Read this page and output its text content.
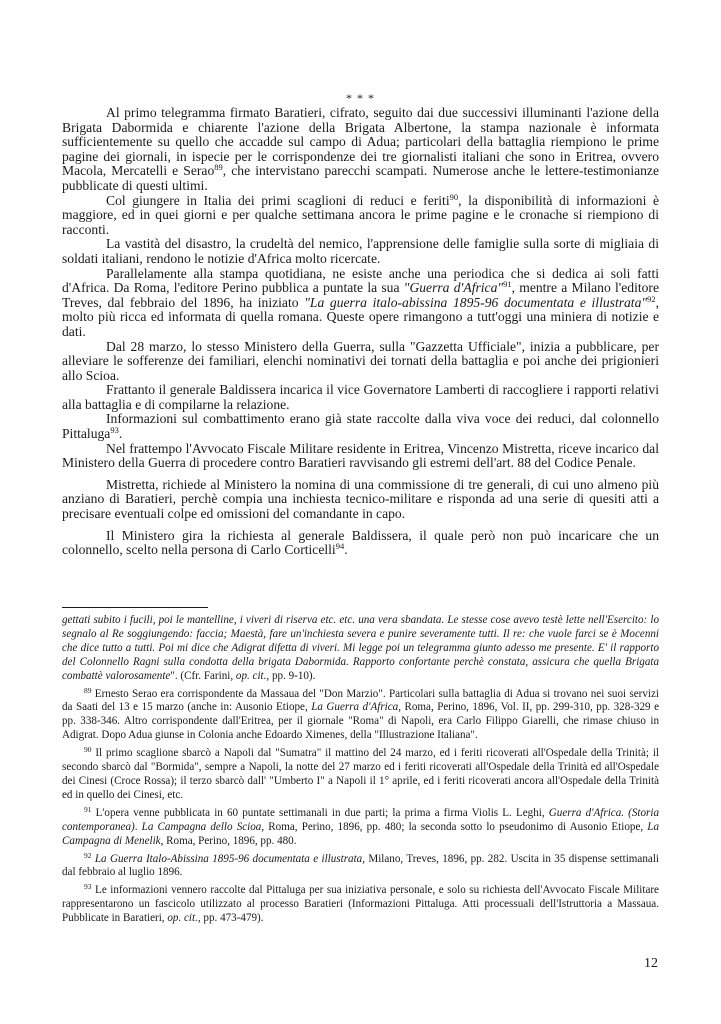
* * *

Al primo telegramma firmato Baratieri, cifrato, seguito dai due successivi illuminanti l'azione della Brigata Dabormida e chiarente l'azione della Brigata Albertone, la stampa nazionale è informata sufficientemente su quello che accadde sul campo di Adua; particolari della battaglia riempiono le prime pagine dei giornali, in ispecie per le corrispondenze dei tre giornalisti italiani che sono in Eritrea, ovvero Macola, Mercatelli e Serao$^{89}$, che intervistano parecchi scampati. Numerose anche le lettere-testimonianze pubblicate di questi ultimi.

Col giungere in Italia dei primi scaglioni di reduci e feriti$^{90}$, la disponibilità di informazioni è maggiore, ed in quei giorni e per qualche settimana ancora le prime pagine e le cronache si riempiono di racconti.

La vastità del disastro, la crudeltà del nemico, l'apprensione delle famiglie sulla sorte di migliaia di soldati italiani, rendono le notizie d'Africa molto ricercate.

Parallelamente alla stampa quotidiana, ne esiste anche una periodica che si dedica ai soli fatti d'Africa. Da Roma, l'editore Perino pubblica a puntate la sua "Guerra d'Africa"$^{91}$, mentre a Milano l'editore Treves, dal febbraio del 1896, ha iniziato "La guerra italo-abissina 1895-96 documentata e illustrata"$^{92}$, molto più ricca ed informata di quella romana. Queste opere rimangono a tutt'oggi una miniera di notizie e dati.

Dal 28 marzo, lo stesso Ministero della Guerra, sulla "Gazzetta Ufficiale", inizia a pubblicare, per alleviare le sofferenze dei familiari, elenchi nominativi dei tornati della battaglia e poi anche dei prigionieri allo Scioa.

Frattanto il generale Baldissera incarica il vice Governatore Lamberti di raccogliere i rapporti relativi alla battaglia e di compilarne la relazione.

Informazioni sul combattimento erano già state raccolte dalla viva voce dei reduci, dal colonnello Pittaluga$^{93}$.

Nel frattempo l'Avvocato Fiscale Militare residente in Eritrea, Vincenzo Mistretta, riceve incarico dal Ministero della Guerra di procedere contro Baratieri ravvisando gli estremi dell'art. 88 del Codice Penale.

Mistretta, richiede al Ministero la nomina di una commissione di tre generali, di cui uno almeno più anziano di Baratieri, perchè compia una inchiesta tecnico-militare e risponda ad una serie di quesiti atti a precisare eventuali colpe ed omissioni del comandante in capo.

Il Ministero gira la richiesta al generale Baldissera, il quale però non può incaricare che un colonnello, scelto nella persona di Carlo Corticelli$^{94}$.

gettati subito i fucili, poi le mantelline, i viveri di riserva etc. etc. una vera sbandata. Le stesse cose avevo testè lette nell'Esercito: lo segnalo al Re soggiungendo: faccia; Maestà, fare un'inchiesta severa e punire severamente tutti. Il re: che vuole farci se è Mocenni che dice tutto a tutti. Poi mi dice che Adigrat difetta di viveri. Mi legge poi un telegramma giunto adesso me presente. E' il rapporto del Colonnello Ragni sulla condotta della brigata Dabormida. Rapporto confortante perchè constata, assicura che quella Brigata combattè valorosamente". (Cfr. Farini, op. cit., pp. 9-10).

$^{89}$ Ernesto Serao era corrispondente da Massaua del "Don Marzio". Particolari sulla battaglia di Adua si trovano nei suoi servizi da Saati del 13 e 15 marzo (anche in: Ausonio Etiope, La Guerra d'Africa, Roma, Perino, 1896, Vol. II, pp. 299-310, pp. 328-329 e pp. 338-346. Altro corrispondente dall'Eritrea, per il giornale "Roma" di Napoli, era Carlo Filippo Giarelli, che rimase chiuso in Adigrat. Dopo Adua giunse in Colonia anche Edoardo Ximenes, della "Illustrazione Italiana".

$^{90}$ Il primo scaglione sbarcò a Napoli dal "Sumatra" il mattino del 24 marzo, ed i feriti ricoverati all'Ospedale della Trinità; il secondo sbarcò dal "Bormida", sempre a Napoli, la notte del 27 marzo ed i feriti ricoverati all'Ospedale della Trinità ed all'Ospedale dei Cinesi (Croce Rossa); il terzo sbarcò dall' "Umberto I" a Napoli il 1° aprile, ed i feriti ricoverati ancora all'Ospedale della Trinità ed in quello dei Cinesi, etc.

$^{91}$ L'opera venne pubblicata in 60 puntate settimanali in due parti; la prima a firma Violis L. Leghi, Guerra d'Africa. (Storia contemporanea). La Campagna dello Scioa, Roma, Perino, 1896, pp. 480; la seconda sotto lo pseudonimo di Ausonio Etiope, La Campagna di Menelik, Roma, Perino, 1896, pp. 480.

$^{92}$ La Guerra Italo-Abissina 1895-96 documentata e illustrata, Milano, Treves, 1896, pp. 282. Uscita in 35 dispense settimanali dal febbraio al luglio 1896.

$^{93}$ Le informazioni vennero raccolte dal Pittaluga per sua iniziativa personale, e solo su richiesta dell'Avvocato Fiscale Militare rappresentarono un fascicolo utilizzato al processo Baratieri (Informazioni Pittaluga. Atti processuali dell'Istruttoria a Massaua. Pubblicate in Baratieri, op. cit., pp. 473-479).

12
